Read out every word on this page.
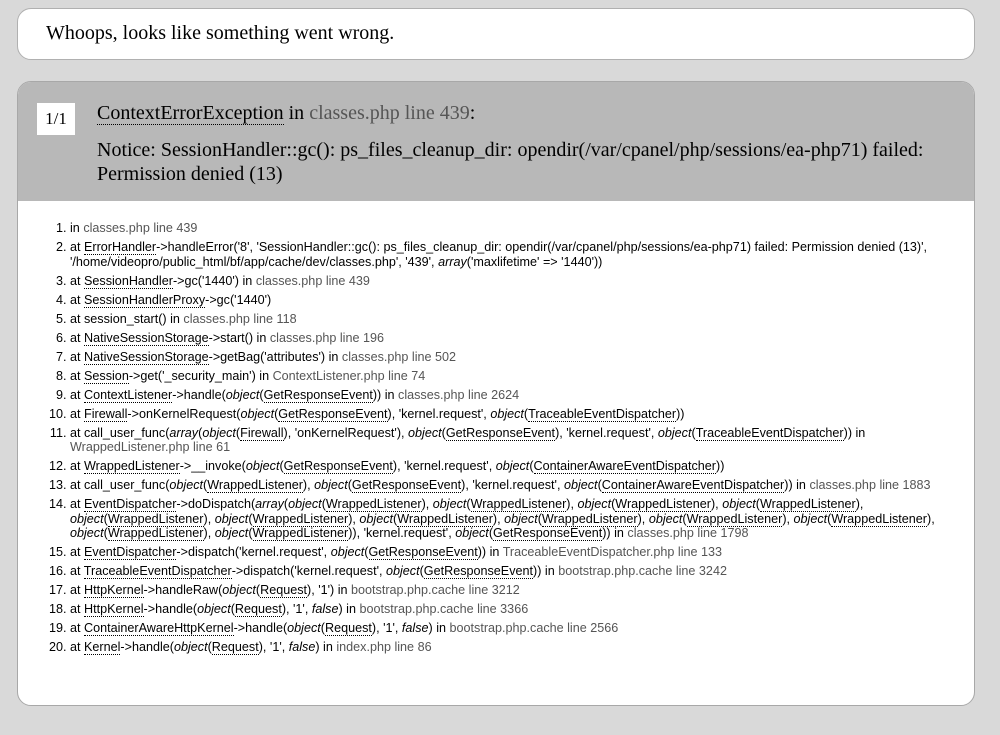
Whoops, looks like something went wrong.
1/1	ContextErrorException in classes.php line 439:
Notice: SessionHandler::gc(): ps_files_cleanup_dir: opendir(/var/cpanel/php/sessions/ea-php71) failed: Permission denied (13)
1. in classes.php line 439
2. at ErrorHandler->handleError('8', 'SessionHandler::gc(): ps_files_cleanup_dir: opendir(/var/cpanel/php/sessions/ea-php71) failed: Permission denied (13)', '/home/videopro/public_html/bf/app/cache/dev/classes.php', '439', array('maxlifetime' => '1440'))
3. at SessionHandler->gc('1440') in classes.php line 439
4. at SessionHandlerProxy->gc('1440')
5. at session_start() in classes.php line 118
6. at NativeSessionStorage->start() in classes.php line 196
7. at NativeSessionStorage->getBag('attributes') in classes.php line 502
8. at Session->get('_security_main') in ContextListener.php line 74
9. at ContextListener->handle(object(GetResponseEvent)) in classes.php line 2624
10. at Firewall->onKernelRequest(object(GetResponseEvent), 'kernel.request', object(TraceableEventDispatcher))
11. at call_user_func(array(object(Firewall), 'onKernelRequest'), object(GetResponseEvent), 'kernel.request', object(TraceableEventDispatcher)) in WrappedListener.php line 61
12. at WrappedListener->__invoke(object(GetResponseEvent), 'kernel.request', object(ContainerAwareEventDispatcher))
13. at call_user_func(object(WrappedListener), object(GetResponseEvent), 'kernel.request', object(ContainerAwareEventDispatcher)) in classes.php line 1883
14. at EventDispatcher->doDispatch(array(object(WrappedListener), object(WrappedListener), object(WrappedListener), object(WrappedListener), object(WrappedListener), object(WrappedListener), object(WrappedListener), object(WrappedListener), object(WrappedListener), object(WrappedListener), object(WrappedListener), object(WrappedListener)), 'kernel.request', object(GetResponseEvent)) in classes.php line 1798
15. at EventDispatcher->dispatch('kernel.request', object(GetResponseEvent)) in TraceableEventDispatcher.php line 133
16. at TraceableEventDispatcher->dispatch('kernel.request', object(GetResponseEvent)) in bootstrap.php.cache line 3242
17. at HttpKernel->handleRaw(object(Request), '1') in bootstrap.php.cache line 3212
18. at HttpKernel->handle(object(Request), '1', false) in bootstrap.php.cache line 3366
19. at ContainerAwareHttpKernel->handle(object(Request), '1', false) in bootstrap.php.cache line 2566
20. at Kernel->handle(object(Request), '1', false) in index.php line 86
